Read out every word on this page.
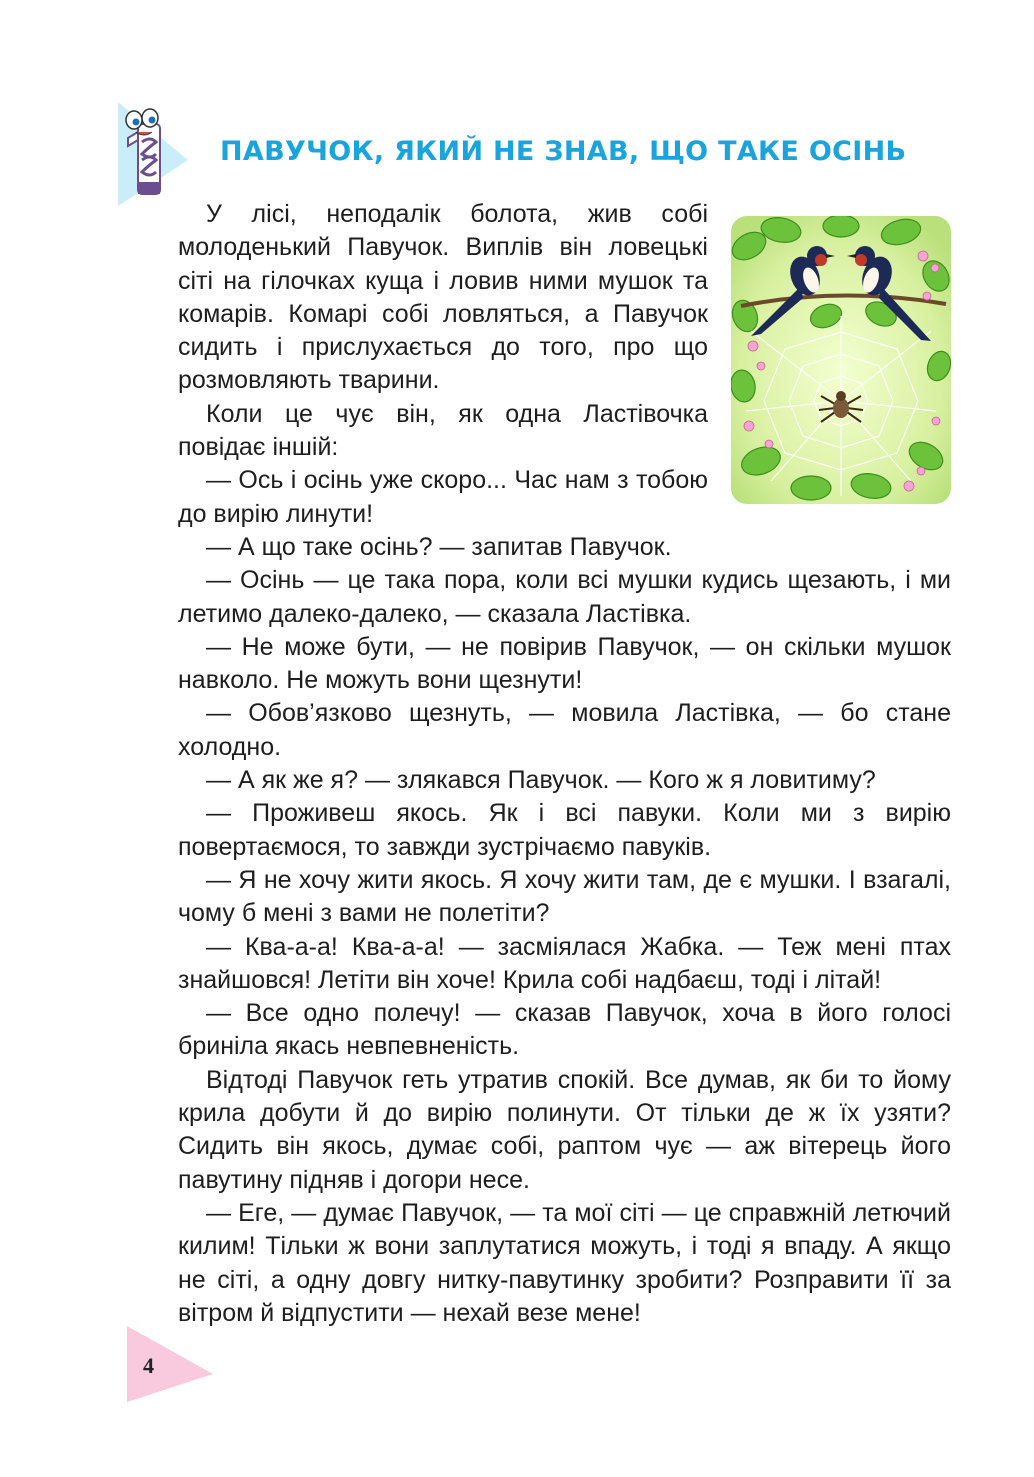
ПАВУЧОК, ЯКИЙ НЕ ЗНАВ, ЩО ТАКЕ ОСІНЬ

У лісі, неподалік болота, жив собі молоденький Павучок. Виплів він ловецькі сіті на гілочках куща і ловив ними мушок та комарів. Комарі собі ловляться, а Павучок сидить і прислухається до того, про що розмовляють тварини.

Коли це чує він, як одна Ластівочка повідає іншій:

— Ось і осінь уже скоро... Час нам з тобою до вирію линути!

— А що таке осінь? — запитав Павучок.

— Осінь — це така пора, коли всі мушки кудись щезають, і ми летимо далеко-далеко, — сказала Ластівка.

— Не може бути, — не повірив Павучок, — он скільки мушок навколо. Не можуть вони щезнути!

— Обов’язково щезнуть, — мовила Ластівка, — бо стане холодно.

— А як же я? — злякався Павучок. — Кого ж я ловитиму?

— Проживеш якось. Як і всі павуки. Коли ми з вирію повертаємося, то завжди зустрічаємо павуків.

— Я не хочу жити якось. Я хочу жити там, де є мушки. І взагалі, чому б мені з вами не полетіти?

— Ква-а-а! Ква-а-а! — засміялася Жабка. — Теж мені птах знайшовся! Летіти він хоче! Крила собі надбаєш, тоді і літай!

— Все одно полечу! — сказав Павучок, хоча в його голосі бриніла якась невпевненість.

Відтоді Павучок геть утратив спокій. Все думав, як би то йому крила добути й до вирію полинути. От тільки де ж їх узяти? Сидить він якось, думає собі, раптом чує — аж вітерець його павутину підняв і догори несе.

— Еге, — думає Павучок, — та мої сіті — це справжній летючий килим! Тільки ж вони заплутатися можуть, і тоді я впаду. А якщо не сіті, а одну довгу нитку-павутинку зробити? Розправити її за вітром й відпустити — нехай везе мене!

4
